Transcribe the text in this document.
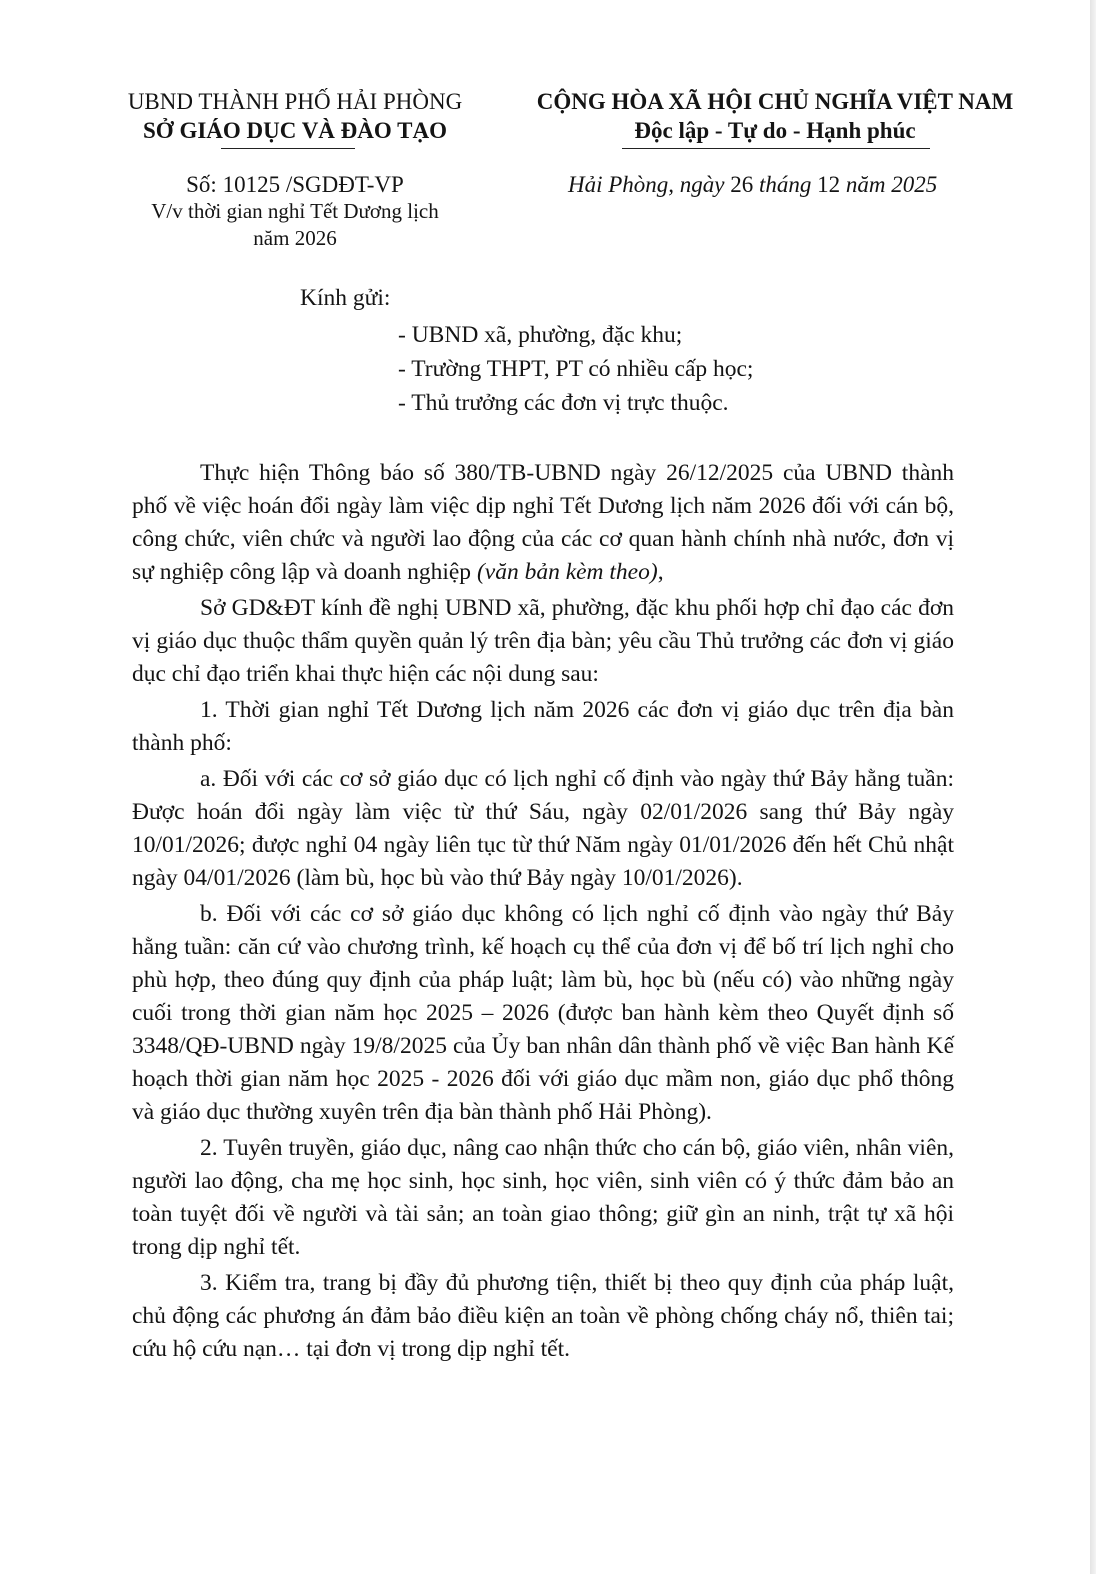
UBND THÀNH PHỐ HẢI PHÒNG
SỞ GIÁO DỤC VÀ ĐÀO TẠO
CỘNG HÒA XÃ HỘI CHỦ NGHĨA VIỆT NAM
Độc lập - Tự do - Hạnh phúc
Số: 10125 /SGDĐT-VP
V/v thời gian nghỉ Tết Dương lịch
năm 2026
Hải Phòng, ngày 26 tháng 12 năm 2025
Kính gửi:
- UBND xã, phường, đặc khu;
- Trường THPT, PT có nhiều cấp học;
- Thủ trưởng các đơn vị trực thuộc.

Thực hiện Thông báo số 380/TB-UBND ngày 26/12/2025 của UBND thành phố về việc hoán đổi ngày làm việc dịp nghỉ Tết Dương lịch năm 2026 đối với cán bộ, công chức, viên chức và người lao động của các cơ quan hành chính nhà nước, đơn vị sự nghiệp công lập và doanh nghiệp (văn bản kèm theo),

Sở GD&ĐT kính đề nghị UBND xã, phường, đặc khu phối hợp chỉ đạo các đơn vị giáo dục thuộc thẩm quyền quản lý trên địa bàn; yêu cầu Thủ trưởng các đơn vị giáo dục chỉ đạo triển khai thực hiện các nội dung sau:

1. Thời gian nghỉ Tết Dương lịch năm 2026 các đơn vị giáo dục trên địa bàn thành phố:

a. Đối với các cơ sở giáo dục có lịch nghỉ cố định vào ngày thứ Bảy hằng tuần: Được hoán đổi ngày làm việc từ thứ Sáu, ngày 02/01/2026 sang thứ Bảy ngày 10/01/2026; được nghỉ 04 ngày liên tục từ thứ Năm ngày 01/01/2026 đến hết Chủ nhật ngày 04/01/2026 (làm bù, học bù vào thứ Bảy ngày 10/01/2026).

b. Đối với các cơ sở giáo dục không có lịch nghỉ cố định vào ngày thứ Bảy hằng tuần: căn cứ vào chương trình, kế hoạch cụ thể của đơn vị để bố trí lịch nghỉ cho phù hợp, theo đúng quy định của pháp luật; làm bù, học bù (nếu có) vào những ngày cuối trong thời gian năm học 2025 – 2026 (được ban hành kèm theo Quyết định số 3348/QĐ-UBND ngày 19/8/2025 của Ủy ban nhân dân thành phố về việc Ban hành Kế hoạch thời gian năm học 2025 - 2026 đối với giáo dục mầm non, giáo dục phổ thông và giáo dục thường xuyên trên địa bàn thành phố Hải Phòng).

2. Tuyên truyền, giáo dục, nâng cao nhận thức cho cán bộ, giáo viên, nhân viên, người lao động, cha mẹ học sinh, học sinh, học viên, sinh viên có ý thức đảm bảo an toàn tuyệt đối về người và tài sản; an toàn giao thông; giữ gìn an ninh, trật tự xã hội trong dịp nghỉ tết.

3. Kiểm tra, trang bị đầy đủ phương tiện, thiết bị theo quy định của pháp luật, chủ động các phương án đảm bảo điều kiện an toàn về phòng chống cháy nổ, thiên tai; cứu hộ cứu nạn… tại đơn vị trong dịp nghỉ tết.
